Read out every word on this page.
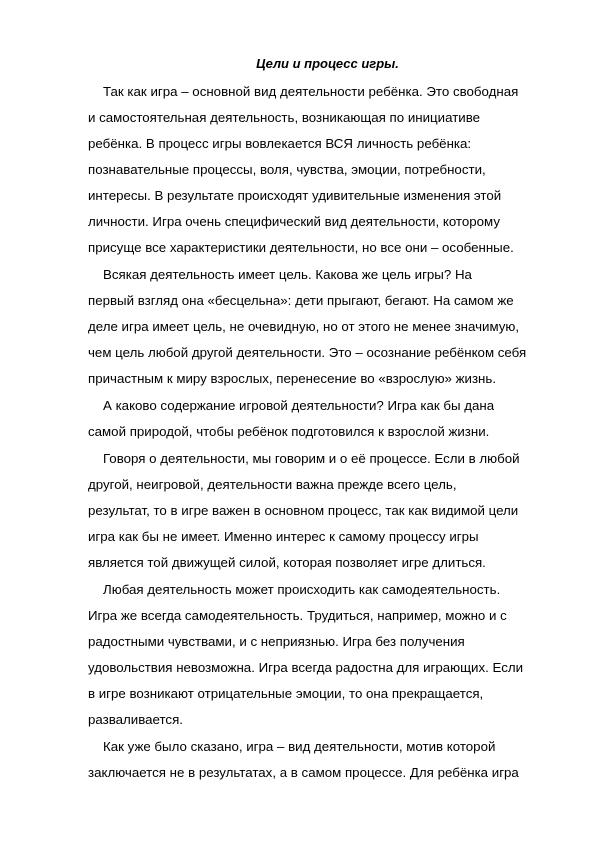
Цели и процесс игры.
Так как игра – основной вид деятельности ребёнка. Это свободная
и самостоятельная деятельность, возникающая по инициативе
ребёнка. В процесс игры вовлекается ВСЯ личность ребёнка:
познавательные процессы, воля, чувства, эмоции, потребности,
интересы. В результате происходят удивительные изменения этой
личности. Игра очень специфический вид деятельности, которому
присуще все характеристики деятельности, но все они – особенные.
Всякая деятельность имеет цель. Какова же цель игры? На
первый взгляд она «бесцельна»: дети прыгают, бегают. На самом же
деле игра имеет цель, не очевидную, но от этого не менее значимую,
чем цель любой другой деятельности. Это – осознание ребёнком себя
причастным к миру взрослых, перенесение во «взрослую» жизнь.
А каково содержание игровой деятельности? Игра как бы дана
самой природой, чтобы ребёнок подготовился к взрослой жизни.
Говоря о деятельности, мы говорим и о её процессе. Если в любой
другой, неигровой, деятельности важна прежде всего цель,
результат, то в игре важен в основном процесс, так как видимой цели
игра как бы не имеет. Именно интерес к самому процессу игры
является той движущей силой, которая позволяет игре длиться.
Любая деятельность может происходить как самодеятельность.
Игра же всегда самодеятельность. Трудиться, например, можно и с
радостными чувствами, и с неприязнью. Игра без получения
удовольствия невозможна. Игра всегда радостна для играющих. Если
в игре возникают отрицательные эмоции, то она прекращается,
разваливается.
Как уже было сказано, игра – вид деятельности, мотив которой
заключается не в результатах, а в самом процессе. Для ребёнка игра
